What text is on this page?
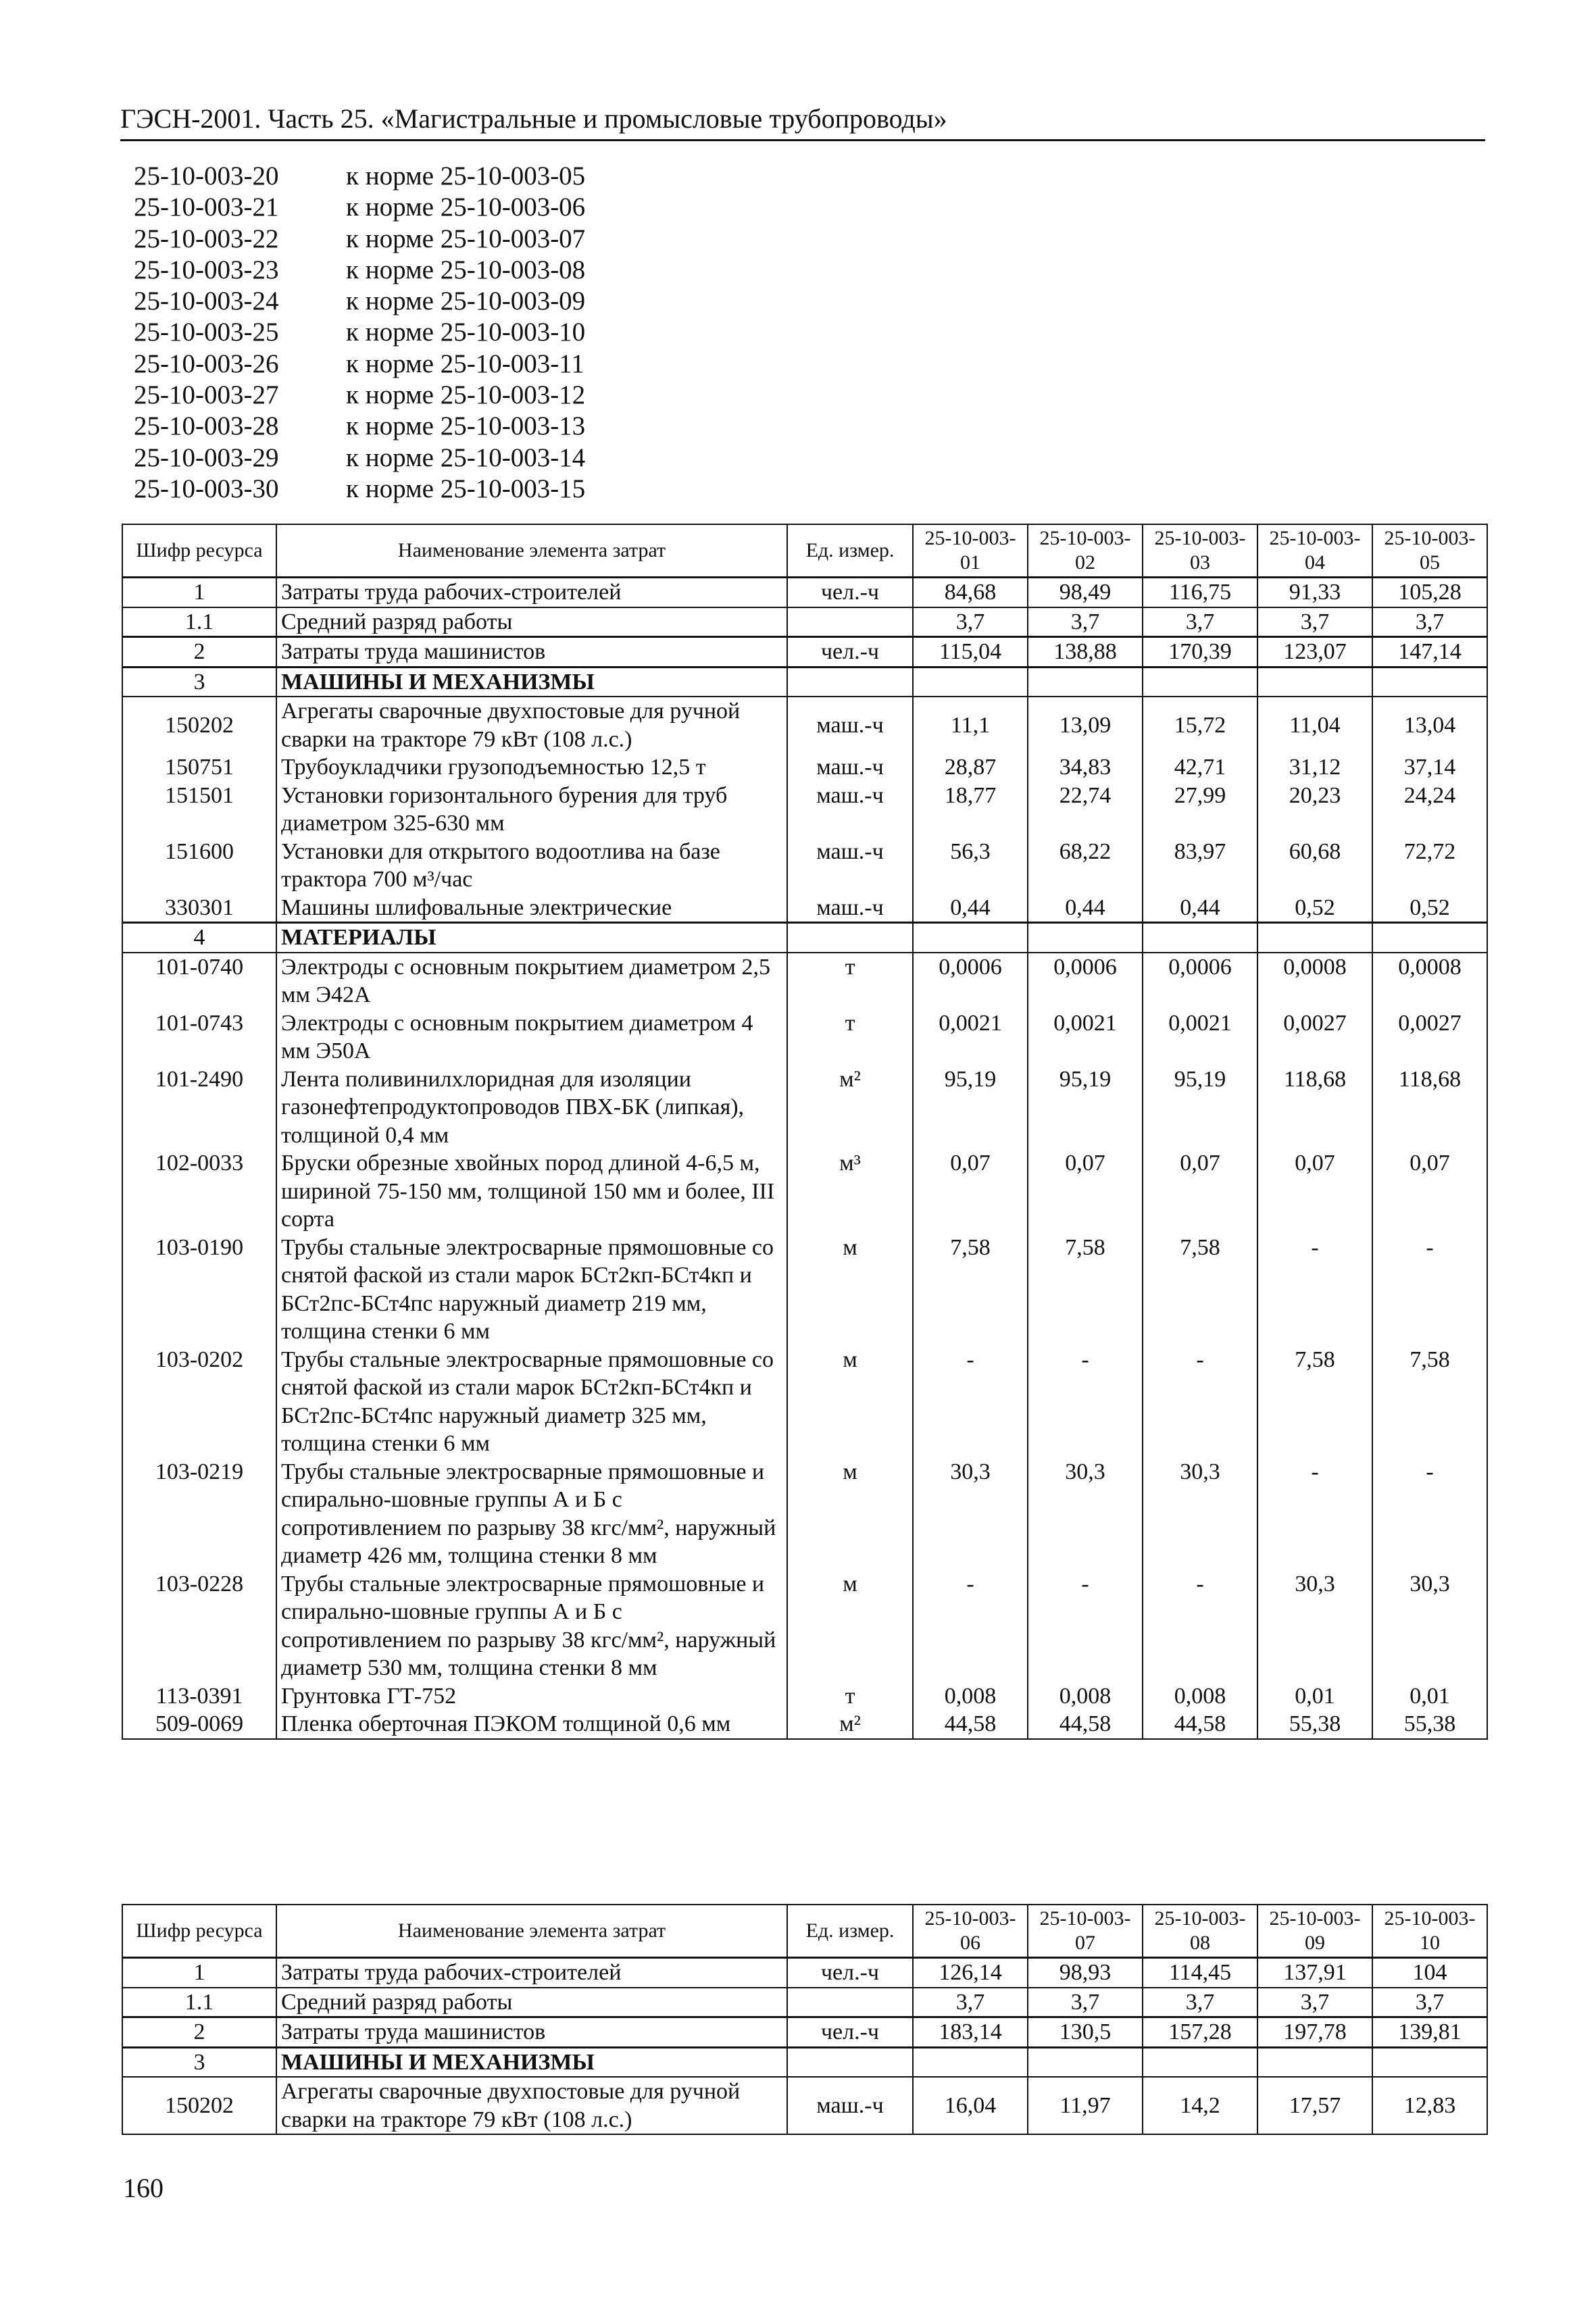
ГЭСН-2001. Часть 25. «Магистральные и промысловые трубопроводы»
25-10-003-20	к норме 25-10-003-05
25-10-003-21	к норме 25-10-003-06
25-10-003-22	к норме 25-10-003-07
25-10-003-23	к норме 25-10-003-08
25-10-003-24	к норме 25-10-003-09
25-10-003-25	к норме 25-10-003-10
25-10-003-26	к норме 25-10-003-11
25-10-003-27	к норме 25-10-003-12
25-10-003-28	к норме 25-10-003-13
25-10-003-29	к норме 25-10-003-14
25-10-003-30	к норме 25-10-003-15
Шифр ресурса	Наименование элемента затрат	Ед. измер.	25-10-003-01	25-10-003-02	25-10-003-03	25-10-003-04	25-10-003-05
1	Затраты труда рабочих-строителей	чел.-ч	84,68	98,49	116,75	91,33	105,28
1.1	Средний разряд работы		3,7	3,7	3,7	3,7	3,7
2	Затраты труда машинистов	чел.-ч	115,04	138,88	170,39	123,07	147,14
3	МАШИНЫ И МЕХАНИЗМЫ						
150202	Агрегаты сварочные двухпостовые для ручной сварки на тракторе 79 кВт (108 л.с.)	маш.-ч	11,1	13,09	15,72	11,04	13,04
150751	Трубоукладчики грузоподъемностью 12,5 т	маш.-ч	28,87	34,83	42,71	31,12	37,14
151501	Установки горизонтального бурения для труб диаметром 325-630 мм	маш.-ч	18,77	22,74	27,99	20,23	24,24
151600	Установки для открытого водоотлива на базе трактора 700 м³/час	маш.-ч	56,3	68,22	83,97	60,68	72,72
330301	Машины шлифовальные электрические	маш.-ч	0,44	0,44	0,44	0,52	0,52
4	МАТЕРИАЛЫ						
101-0740	Электроды с основным покрытием диаметром 2,5 мм Э42А	т	0,0006	0,0006	0,0006	0,0008	0,0008
101-0743	Электроды с основным покрытием диаметром 4 мм Э50А	т	0,0021	0,0021	0,0021	0,0027	0,0027
101-2490	Лента поливинилхлоридная для изоляции газонефтепродуктопроводов ПВХ-БК (липкая), толщиной 0,4 мм	м²	95,19	95,19	95,19	118,68	118,68
102-0033	Бруски обрезные хвойных пород длиной 4-6,5 м, шириной 75-150 мм, толщиной 150 мм и более, III сорта	м³	0,07	0,07	0,07	0,07	0,07
103-0190	Трубы стальные электросварные прямошовные со снятой фаской из стали марок БСт2кп-БСт4кп и БСт2пс-БСт4пс наружный диаметр 219 мм, толщина стенки 6 мм	м	7,58	7,58	7,58	-	-
103-0202	Трубы стальные электросварные прямошовные со снятой фаской из стали марок БСт2кп-БСт4кп и БСт2пс-БСт4пс наружный диаметр 325 мм, толщина стенки 6 мм	м	-	-	-	7,58	7,58
103-0219	Трубы стальные электросварные прямошовные и спирально-шовные группы А и Б с сопротивлением по разрыву 38 кгс/мм², наружный диаметр 426 мм, толщина стенки 8 мм	м	30,3	30,3	30,3	-	-
103-0228	Трубы стальные электросварные прямошовные и спирально-шовные группы А и Б с сопротивлением по разрыву 38 кгс/мм², наружный диаметр 530 мм, толщина стенки 8 мм	м	-	-	-	30,3	30,3
113-0391	Грунтовка ГТ-752	т	0,008	0,008	0,008	0,01	0,01
509-0069	Пленка оберточная ПЭКОМ толщиной 0,6 мм	м²	44,58	44,58	44,58	55,38	55,38
Шифр ресурса	Наименование элемента затрат	Ед. измер.	25-10-003-06	25-10-003-07	25-10-003-08	25-10-003-09	25-10-003-10
1	Затраты труда рабочих-строителей	чел.-ч	126,14	98,93	114,45	137,91	104
1.1	Средний разряд работы		3,7	3,7	3,7	3,7	3,7
2	Затраты труда машинистов	чел.-ч	183,14	130,5	157,28	197,78	139,81
3	МАШИНЫ И МЕХАНИЗМЫ						
150202	Агрегаты сварочные двухпостовые для ручной сварки на тракторе 79 кВт (108 л.с.)	маш.-ч	16,04	11,97	14,2	17,57	12,83
160
